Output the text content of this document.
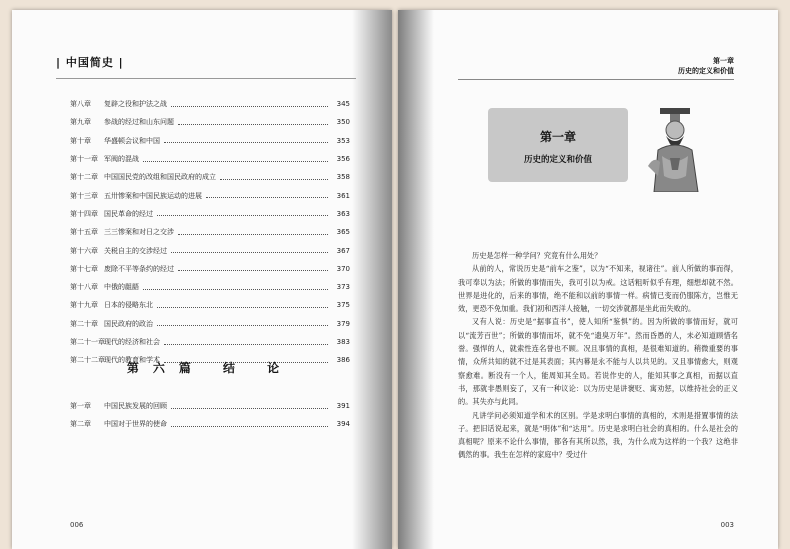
| 中国简史 |
第八章	复辟之役和护法之战	345
第九章	参战的经过和山东问题	350
第十章	华盛顿会议和中国	353
第十一章 军阀的混战	356
第十二章 中国国民党的改组和国民政府的成立	358
第十三章 五卅惨案和中国民族运动的进展	361
第十四章 国民革命的经过	363
第十五章 三三惨案和对日之交涉	365
第十六章 关税自主的交涉经过	367
第十七章 废除不平等条约的经过	370
第十八章 中俄的龃龉	373
第十九章 日本的侵略东北	375
第二十章 国民政府的政治	379
第二十一章 现代的经济和社会	383
第二十二章 现代的教育和学术	386
第六篇 结 论
第一章	中国民族发展的回顾	391
第二章	中国对于世界的使命	394
006
第一章
历史的定义和价值
第一章
历史的定义和价值

历史是怎样一种学问？究竟有什么用处？

从前的人，常说历史是“前车之鉴”，以为“不知来，视诸往”。前人所做的事而得，我可奉以为法；所做的事情而失，我可引以为戒。这话粗听似乎有理，细想却就不然。世界是进化的，后来的事情，绝不能和以前的事情一样。病情已变而仍服陈方，岂惟无效，更恐不免加重。我们初和西洋人接触，一切交涉就都是坐此而失败的。

又有人说：历史是“据事直书”，使人知所“鉴惧”的。因为所做的事情而好，就可以“流芳百世”；所做的事情而坏，就不免“遗臭万年”。然而昏愚的人，未必知道顾惜名誉。强悍的人，就索性连名誉也不顾。况且事情的真相，是很难知道的。稍微重要的事情，众所共知的就不过是其表面；其内幕是永不能与人以共见的。又且事情愈大，则观察愈难。断没有一个人，能周知其全局。若说作史的人，能知其事之真相，而据以直书，那就非愚则妄了，又有一种议论：以为历史是讲褒贬、寓劝惩，以维持社会的正义的。其失亦与此同。

凡讲学问必须知道学和术的区别。学是求明白事情的真相的，术则是措置事情的法子。把旧话说起来，就是“明体”和“达用”。历史是求明白社会的真相的。什么是社会的真相呢？原来不论什么事情，都各有其所以然，我，为什么成为这样的一个我？这绝非偶然的事。我生在怎样的家庭中？受过什

003
